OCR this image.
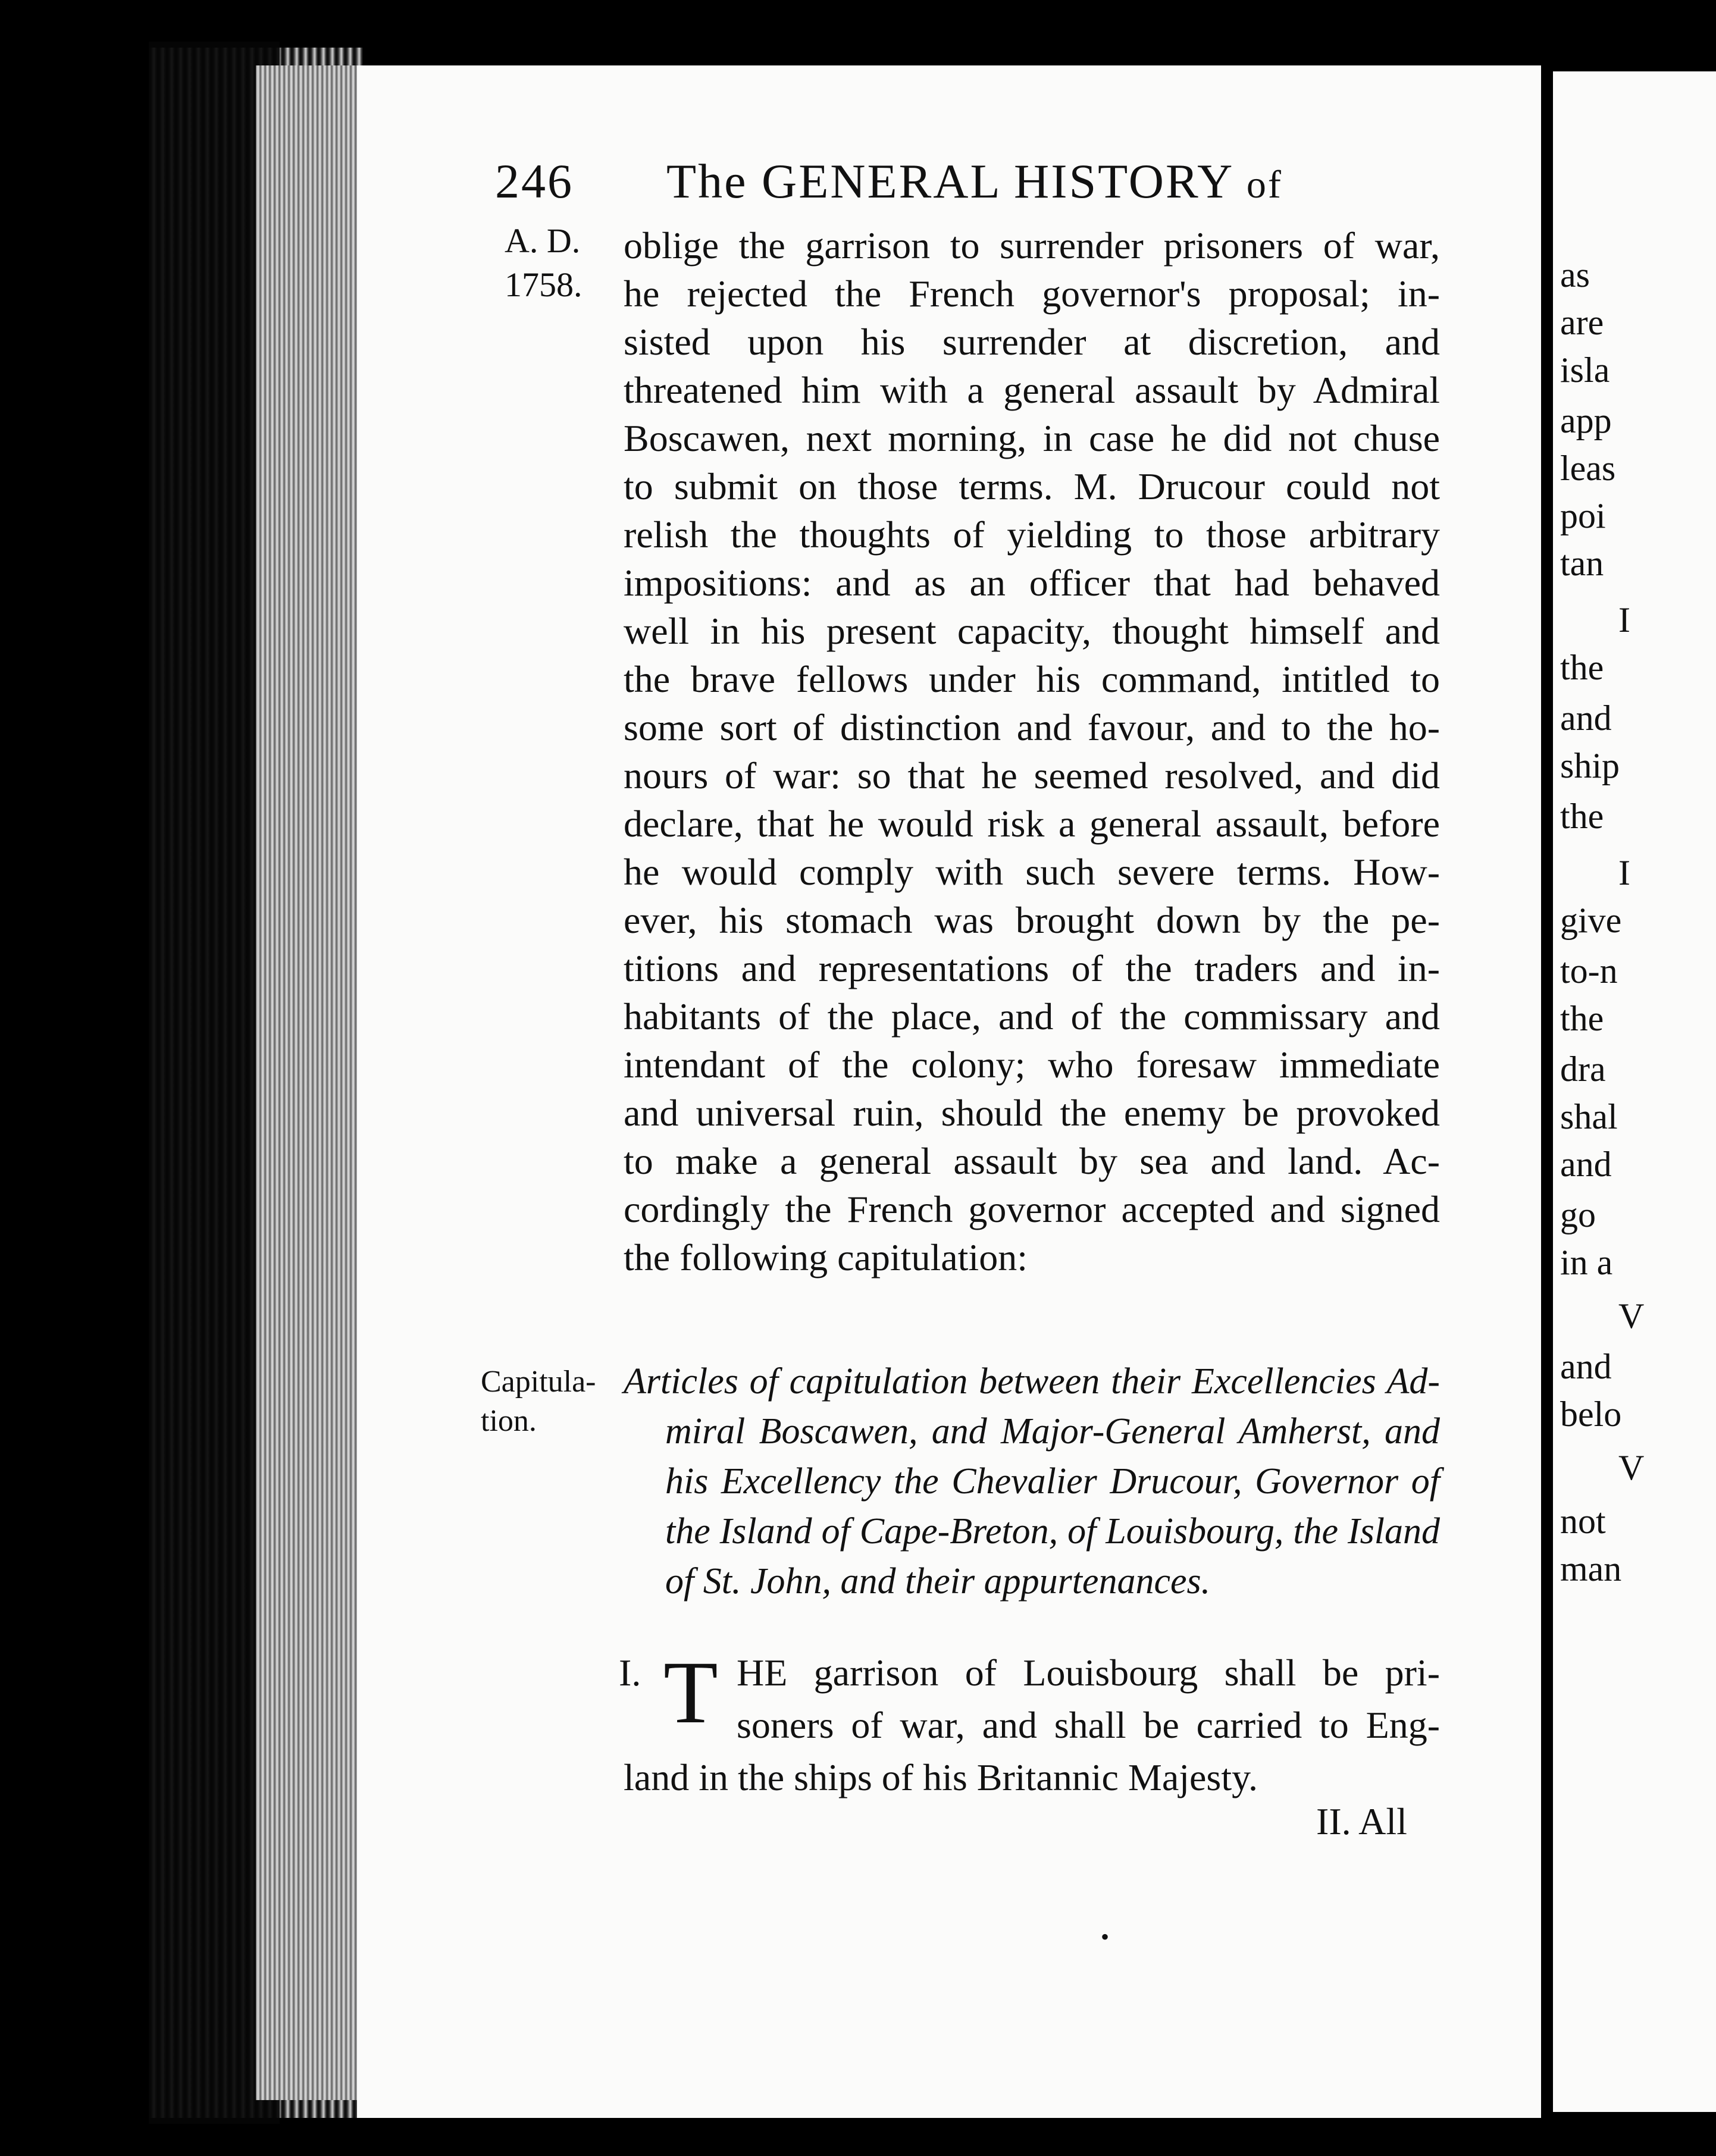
as
are
isla
app
leas
poi
tan
I
the
and
ship
the
I
give
to-n
the
dra
shal
and
go
in a
V
and
belo
V
not
man
246 The GENERAL HISTORY of
A. D.
1758.
Capitula-
tion.
oblige the garrison to surrender prisoners of war,
he rejected the French governor's proposal; in-
sisted upon his surrender at discretion, and
threatened him with a general assault by Admiral
Boscawen, next morning, in case he did not chuse
to submit on those terms. M. Drucour could not
relish the thoughts of yielding to those arbitrary
impositions: and as an officer that had behaved
well in his present capacity, thought himself and
the brave fellows under his command, intitled to
some sort of distinction and favour, and to the ho-
nours of war: so that he seemed resolved, and did
declare, that he would risk a general assault, before
he would comply with such severe terms. How-
ever, his stomach was brought down by the pe-
titions and representations of the traders and in-
habitants of the place, and of the commissary and
intendant of the colony; who foresaw immediate
and universal ruin, should the enemy be provoked
to make a general assault by sea and land. Ac-
cordingly the French governor accepted and signed
the following capitulation:
Articles of capitulation between their Excellencies Ad-
miral Boscawen, and Major-General Amherst, and
his Excellency the Chevalier Drucour, Governor of
the Island of Cape-Breton, of Louisbourg, the Island
of St. John, and their appurtenances.
I. T HE garrison of Louisbourg shall be pri-
soners of war, and shall be carried to Eng-
land in the ships of his Britannic Majesty.
II. All
•
